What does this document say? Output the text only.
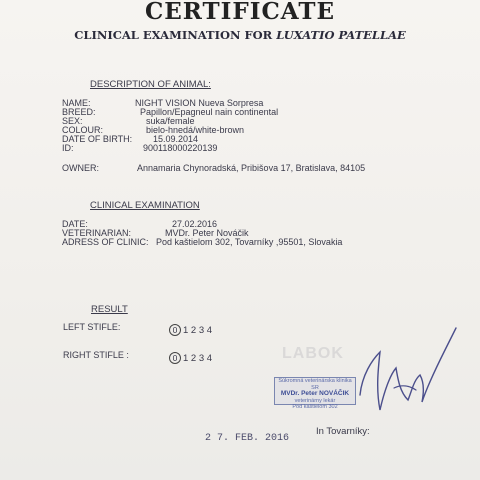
CERTIFICATE
CLINICAL EXAMINATION FOR LUXATIO PATELLAE
DESCRIPTION OF ANIMAL:
NAME:	NIGHT VISION Nueva Sorpresa
BREED:	Papillon/Epagneul nain continental
SEX:	suka/female
COLOUR:	bielo-hnedá/white-brown
DATE OF BIRTH: 15.09.2014
ID:	900118000220139
OWNER:	Annamaria Chynoradská, Pribišova 17, Bratislava, 84105
CLINICAL EXAMINATION
DATE:	27.02.2016
VETERINARIAN:	MVDr. Peter Nováčik
ADRESS OF CLINIC: Pod kaštielom 302, Tovarníky ,95501, Slovakia
RESULT
LEFT STIFLE:	0 1 2 3 4
RIGHT STIFLE :	0 1 2 3 4	LABOK
Súkromná veterinárska klinika SR
MVDr. Peter NOVÁČIK
veterinárny lekár
Pod kaštielom 302
2 7. FEB. 2016
In Tovarníky:
